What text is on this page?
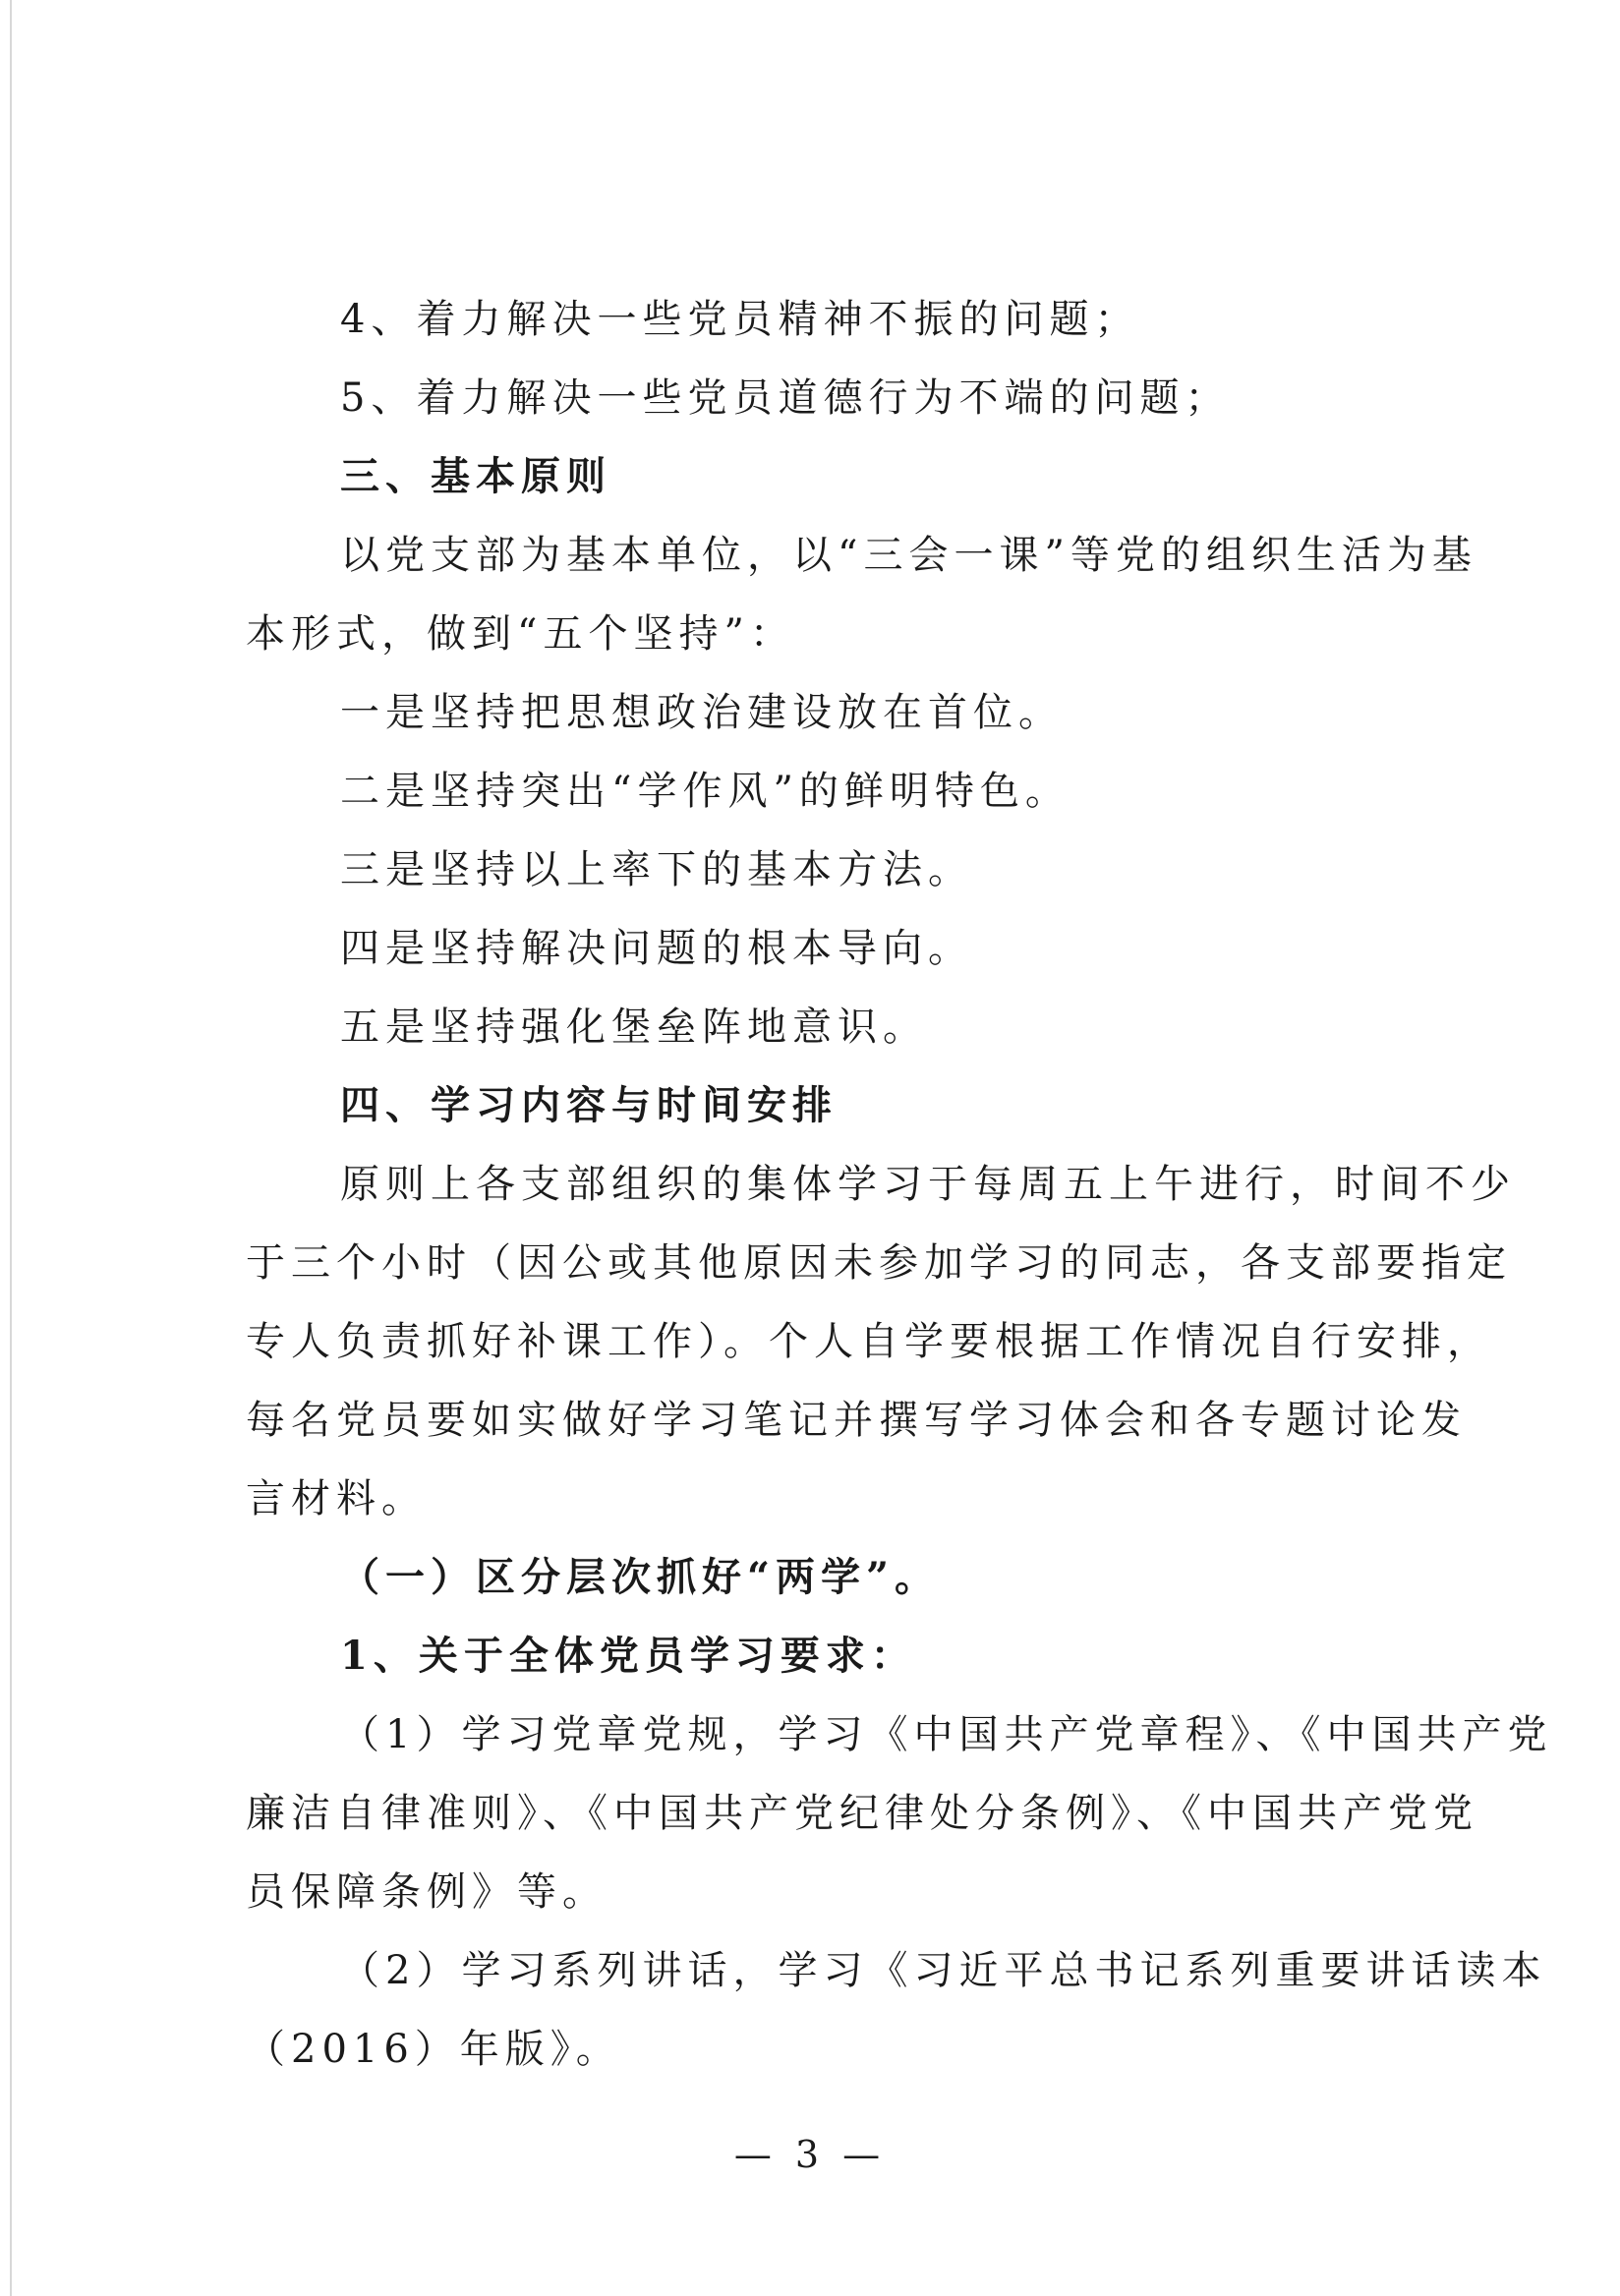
4、着力解决一些党员精神不振的问题；
5、着力解决一些党员道德行为不端的问题；
三、基本原则
以党支部为基本单位，以“三会一课”等党的组织生活为基
本形式，做到“五个坚持”：
一是坚持把思想政治建设放在首位。
二是坚持突出“学作风”的鲜明特色。
三是坚持以上率下的基本方法。
四是坚持解决问题的根本导向。
五是坚持强化堡垒阵地意识。
四、学习内容与时间安排
原则上各支部组织的集体学习于每周五上午进行，时间不少
于三个小时（因公或其他原因未参加学习的同志，各支部要指定
专人负责抓好补课工作）。个人自学要根据工作情况自行安排，
每名党员要如实做好学习笔记并撰写学习体会和各专题讨论发
言材料。
（一）区分层次抓好“两学”。
1、关于全体党员学习要求：
（1）学习党章党规，学习《中国共产党章程》、《中国共产党
廉洁自律准则》、《中国共产党纪律处分条例》、《中国共产党党
员保障条例》等。
（2）学习系列讲话，学习《习近平总书记系列重要讲话读本
（2016）年版》。
— 3 —
